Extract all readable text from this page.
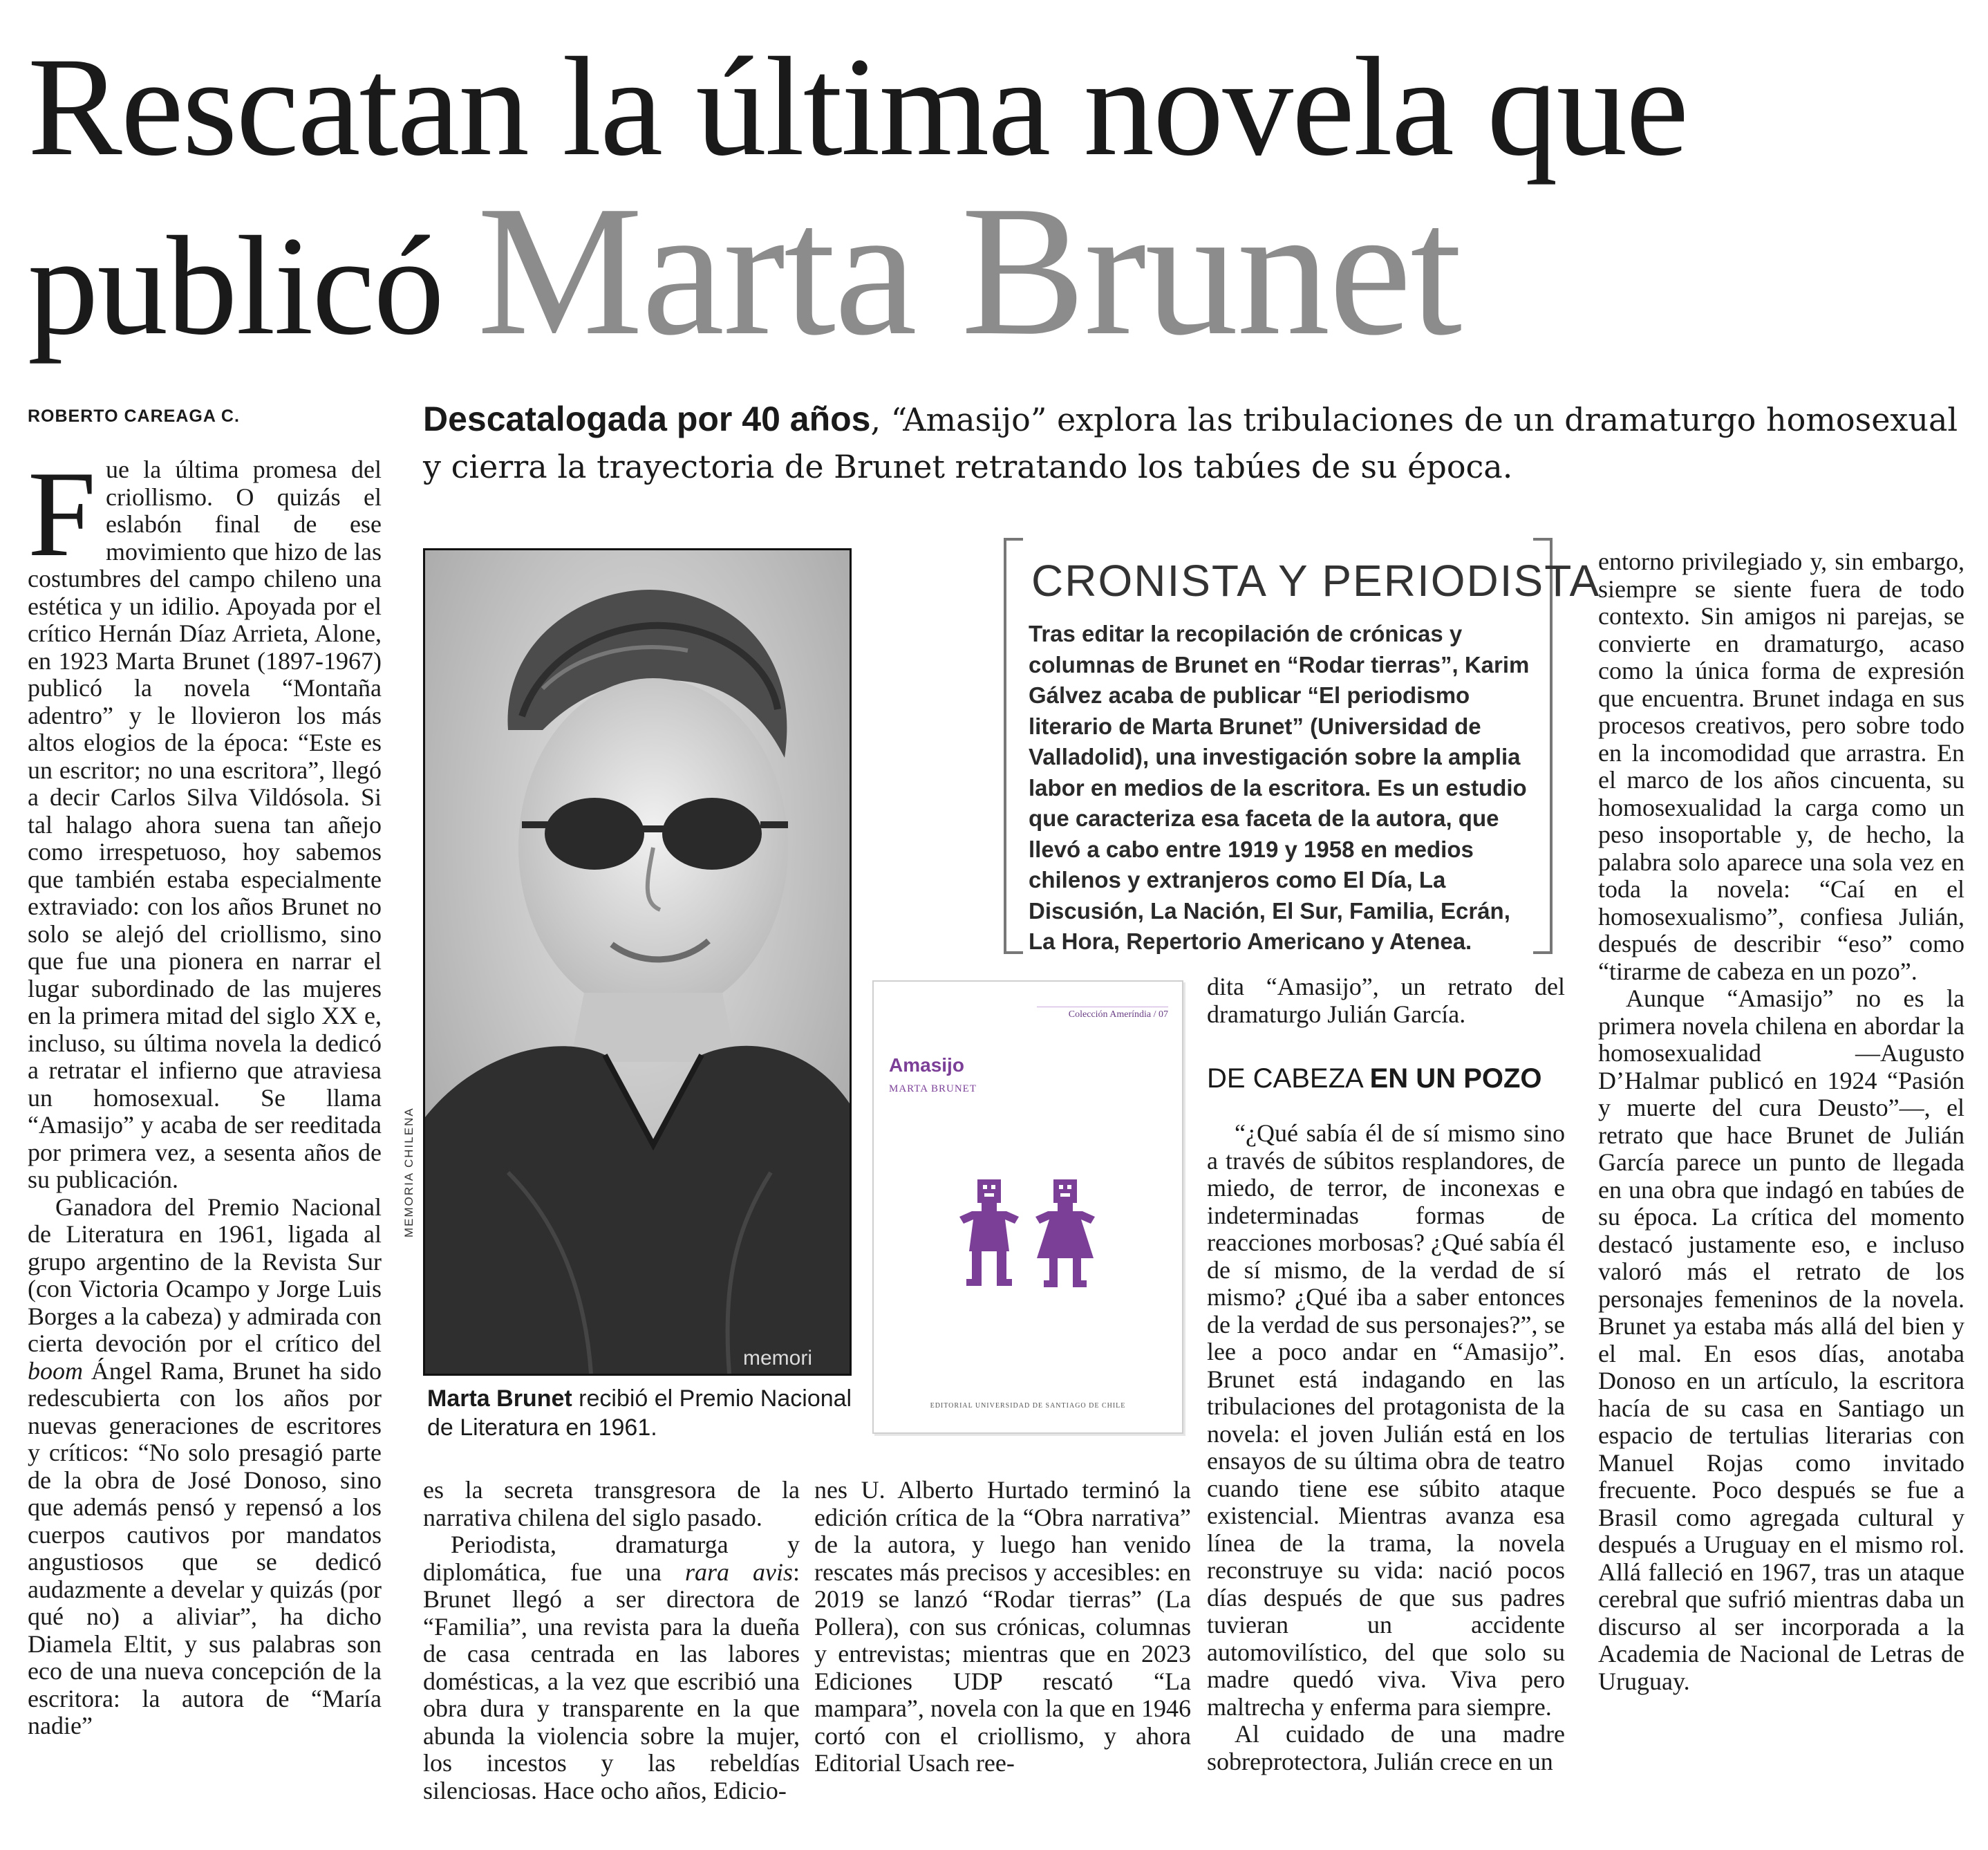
Rescatan la última novela que
publicó Marta Brunet
ROBERTO CAREAGA C.	Descatalogada por 40 años, “Amasijo” explora las tribulaciones de un dramaturgo homosexual y cierra la trayectoria de Brunet retratando los tabúes de su época.

Fue la última promesa del criollismo. O quizás el eslabón final de ese movimiento que hizo de las costumbres del campo chileno una estética y un idilio. Apoyada por el crítico Hernán Díaz Arrieta, Alone, en 1923 Marta Brunet (1897-1967) publicó la novela “Montaña adentro” y le llovieron los más altos elogios de la época: “Este es un escritor; no una escritora”, llegó a decir Carlos Silva Vildósola. Si tal halago ahora suena tan añejo como irrespetuoso, hoy sabemos que también estaba especialmente extraviado: con los años Brunet no solo se alejó del criollismo, sino que fue una pionera en narrar el lugar subordinado de las mujeres en la primera mitad del siglo XX e, incluso, su última novela la dedicó a retratar el infierno que atraviesa un homosexual. Se llama “Amasijo” y acaba de ser reeditada por primera vez, a sesenta años de su publicación.

Ganadora del Premio Nacional de Literatura en 1961, ligada al grupo argentino de la Revista Sur (con Victoria Ocampo y Jorge Luis Borges a la cabeza) y admirada con cierta devoción por el crítico del boom Ángel Rama, Brunet ha sido redescubierta con los años por nuevas generaciones de escritores y críticos: “No solo presagió parte de la obra de José Donoso, sino que además pensó y repensó a los cuerpos cautivos por mandatos angustiosos que se dedicó audazmente a develar y quizás (por qué no) a aliviar”, ha dicho Diamela Eltit, y sus palabras son eco de una nueva concepción de la escritora: la autora de “María nadie”

memori
MEMORIA CHILENA
Marta Brunet recibió el Premio Nacional de Literatura en 1961.
Colección Ameríndia / 07
Amasijo
MARTA BRUNET
EDITORIAL UNIVERSIDAD DE SANTIAGO DE CHILE
CRONISTA Y PERIODISTA
Tras editar la recopilación de crónicas y columnas de Brunet en “Rodar tierras”, Karim Gálvez acaba de publicar “El periodismo literario de Marta Brunet” (Universidad de Valladolid), una investigación sobre la amplia labor en medios de la escritora. Es un estudio que caracteriza esa faceta de la autora, que llevó a cabo entre 1919 y 1958 en medios chilenos y extranjeros como El Día, La Discusión, La Nación, El Sur, Familia, Ecrán, La Hora, Repertorio Americano y Atenea.

es la secreta transgresora de la narrativa chilena del siglo pasado.

Periodista, dramaturga y diplomática, fue una rara avis: Brunet llegó a ser directora de “Familia”, una revista para la dueña de casa centrada en las labores domésticas, a la vez que escribió una obra dura y transparente en la que abunda la violencia sobre la mujer, los incestos y las rebeldías silenciosas. Hace ocho años, Edicio-

nes U. Alberto Hurtado terminó la edición crítica de la “Obra narrativa” de la autora, y luego han venido rescates más precisos y accesibles: en 2019 se lanzó “Rodar tierras” (La Pollera), con sus crónicas, columnas y entrevistas; mientras que en 2023 Ediciones UDP rescató “La mampara”, novela con la que en 1946 cortó con el criollismo, y ahora Editorial Usach ree-

dita “Amasijo”, un retrato del dramaturgo Julián García.

DE CABEZA EN UN POZO

“¿Qué sabía él de sí mismo sino a través de súbitos resplandores, de miedo, de terror, de inconexas e indeterminadas formas de reacciones morbosas? ¿Qué sabía él de sí mismo, de la verdad de sí mismo? ¿Qué iba a saber entonces de la verdad de sus personajes?”, se lee a poco andar en “Amasijo”. Brunet está indagando en las tribulaciones del protagonista de la novela: el joven Julián está en los ensayos de su última obra de teatro cuando tiene ese súbito ataque existencial. Mientras avanza esa línea de la trama, la novela reconstruye su vida: nació pocos días después de que sus padres tuvieran un accidente automovilístico, del que solo su madre quedó viva. Viva pero maltrecha y enferma para siempre.

Al cuidado de una madre sobreprotectora, Julián crece en un

entorno privilegiado y, sin embargo, siempre se siente fuera de todo contexto. Sin amigos ni parejas, se convierte en dramaturgo, acaso como la única forma de expresión que encuentra. Brunet indaga en sus procesos creativos, pero sobre todo en la incomodidad que arrastra. En el marco de los años cincuenta, su homosexualidad la carga como un peso insoportable y, de hecho, la palabra solo aparece una sola vez en toda la novela: “Caí en el homosexualismo”, confiesa Julián, después de describir “eso” como “tirarme de cabeza en un pozo”.

Aunque “Amasijo” no es la primera novela chilena en abordar la homosexualidad —Augusto D’Halmar publicó en 1924 “Pasión y muerte del cura Deusto”—, el retrato que hace Brunet de Julián García parece un punto de llegada en una obra que indagó en tabúes de su época. La crítica del momento destacó justamente eso, e incluso valoró más el retrato de los personajes femeninos de la novela. Brunet ya estaba más allá del bien y el mal. En esos días, anotaba Donoso en un artículo, la escritora hacía de su casa en Santiago un espacio de tertulias literarias con Manuel Rojas como invitado frecuente. Poco después se fue a Brasil como agregada cultural y después a Uruguay en el mismo rol. Allá falleció en 1967, tras un ataque cerebral que sufrió mientras daba un discurso al ser incorporada a la Academia de Nacional de Letras de Uruguay.
